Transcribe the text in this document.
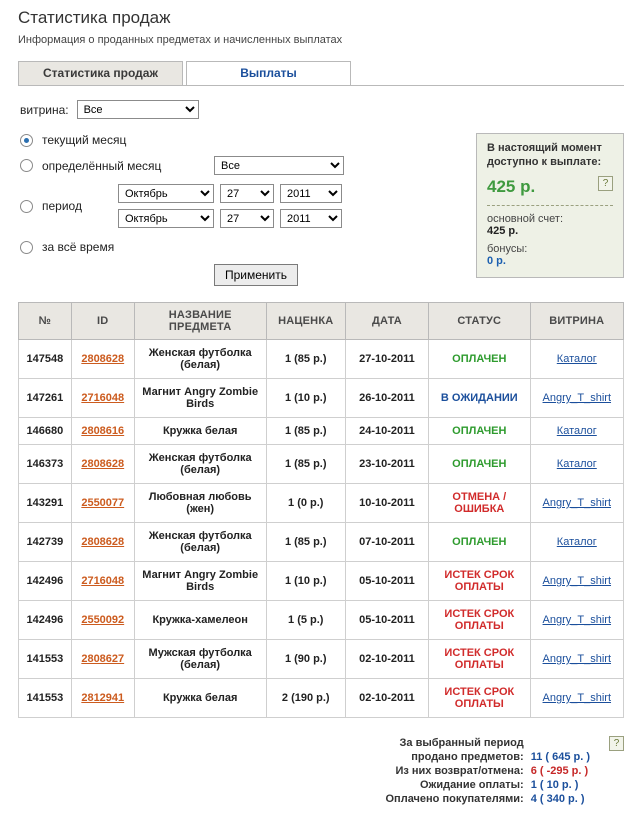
Статистика продаж
Информация о проданных предметах и начисленных выплатах
Статистика продаж	Выплаты
витрина:
Все
текущий месяц
определённый месяц
Все
период
Октябрь
27
2011
Октябрь
27
2011
за всё время
Применить
В настоящий момент доступно к выплате:
425 р.	?
основной счет:
425 р.
бонусы:
0 р.
№	ID	НАЗВАНИЕ ПРЕДМЕТА	НАЦЕНКА	ДАТА	СТАТУС	ВИТРИНА
147548	2808628	Женская футболка (белая)	1 (85 р.)	27-10-2011	ОПЛАЧЕН	Каталог
147261	2716048	Магнит Angry Zombie Birds	1 (10 р.)	26-10-2011	В ОЖИДАНИИ	Angry_T_shirt
146680	2808616	Кружка белая	1 (85 р.)	24-10-2011	ОПЛАЧЕН	Каталог
146373	2808628	Женская футболка (белая)	1 (85 р.)	23-10-2011	ОПЛАЧЕН	Каталог
143291	2550077	Любовная любовь (жен)	1 (0 р.)	10-10-2011	ОТМЕНА / ОШИБКА	Angry_T_shirt
142739	2808628	Женская футболка (белая)	1 (85 р.)	07-10-2011	ОПЛАЧЕН	Каталог
142496	2716048	Магнит Angry Zombie Birds	1 (10 р.)	05-10-2011	ИСТЕК СРОК ОПЛАТЫ	Angry_T_shirt
142496	2550092	Кружка-хамелеон	1 (5 р.)	05-10-2011	ИСТЕК СРОК ОПЛАТЫ	Angry_T_shirt
141553	2808627	Мужская футболка (белая)	1 (90 р.)	02-10-2011	ИСТЕК СРОК ОПЛАТЫ	Angry_T_shirt
141553	2812941	Кружка белая	2 (190 р.)	02-10-2011	ИСТЕК СРОК ОПЛАТЫ	Angry_T_shirt
?
За выбранный период	
продано предметов:	11 ( 645 р. )
Из них возврат/отмена:	6 ( -295 р. )
Ожидание оплаты:	1 ( 10 р. )
Оплачено покупателями:	4 ( 340 р. )
